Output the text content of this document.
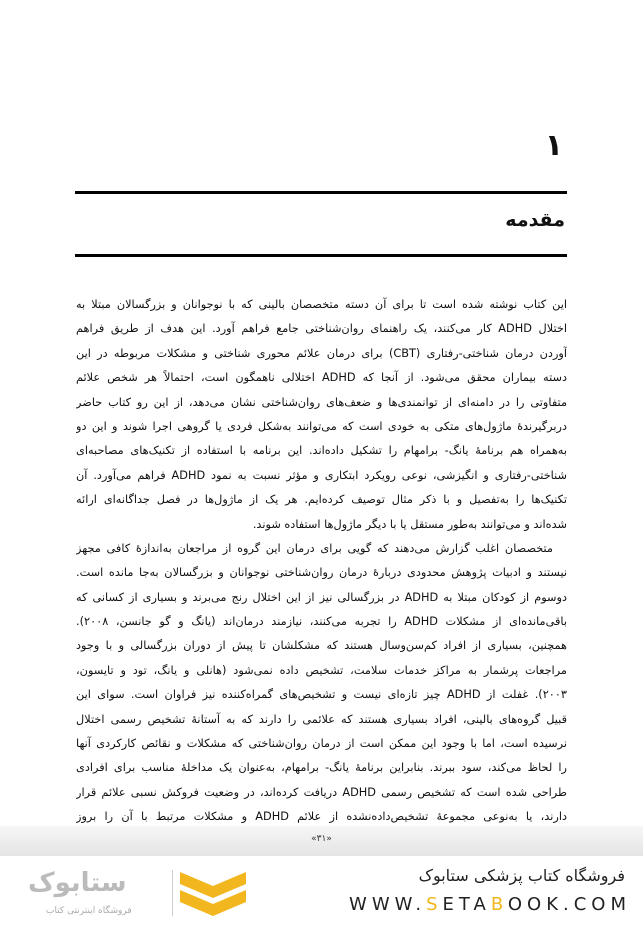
۱
مقدمه
این کتاب نوشته شده است تا برای آن دسته متخصصان بالینی که با نوجوانان و بزرگسالان مبتلا به
اختلال ADHD کار می‌کنند، یک راهنمای روان‌شناختی جامع فراهم آورد. این هدف از طریق فراهم
آوردن درمان شناختی-رفتاری (CBT) برای درمان علائم محوری شناختی و مشکلات مربوطه در این
دسته بیماران محقق می‌شود. از آنجا که ADHD اختلالی ناهمگون است، احتمالاً هر شخص علائم
متفاوتی را در دامنه‌ای از توانمندی‌ها و ضعف‌های روان‌شناختی نشان می‌دهد، از این رو کتاب حاضر
دربرگیرندهٔ ماژول‌های متکی به خودی است که می‌توانند به‌شکل فردی یا گروهی اجرا شوند و این دو
به‌همراه هم برنامهٔ یانگ- برامهام را تشکیل داده‌اند. این برنامه با استفاده از تکنیک‌های مصاحبه‌ای
شناختی-رفتاری و انگیزشی، نوعی رویکرد ابتکاری و مؤثر نسبت به نمود ADHD فراهم می‌آورد. آن
تکنیک‌ها را به‌تفصیل و با ذکر مثال توصیف کرده‌ایم. هر یک از ماژول‌ها در فصل جداگانه‌ای ارائه
شده‌اند و می‌توانند به‌طور مستقل یا با دیگر ماژول‌ها استفاده شوند.
متخصصان اغلب گزارش می‌دهند که گویی برای درمان این گروه از مراجعان به‌اندازهٔ کافی مجهز
نیستند و ادبیات پژوهش محدودی دربارهٔ درمان روان‌شناختی نوجوانان و بزرگسالان به‌جا مانده است.
دوسوم از کودکان مبتلا به ADHD در بزرگسالی نیز از این اختلال رنج می‌برند و بسیاری از کسانی که
باقی‌مانده‌ای از مشکلات ADHD را تجربه می‌کنند، نیازمند درمان‌اند (یانگ و گو جانسن، ۲۰۰۸).
همچنین، بسیاری از افراد کم‌سن‌وسال هستند که مشکلشان تا پیش از دوران بزرگسالی و با وجود
مراجعات پرشمار به مراکز خدمات سلامت، تشخیص داده نمی‌شود (هانلی و یانگ، تود و تایسون،
۲۰۰۳). غفلت از ADHD چیز تازه‌ای نیست و تشخیص‌های گمراه‌کننده نیز فراوان است. سوای این
قبیل گروه‌های بالینی، افراد بسیاری هستند که علائمی را دارند که به آستانهٔ تشخیص رسمی اختلال
نرسیده است، اما با وجود این ممکن است از درمان روان‌شناختی که مشکلات و نقائص کارکردی آنها
را لحاظ می‌کند، سود ببرند. بنابراین برنامهٔ یانگ- برامهام، به‌عنوان یک مداخلهٔ مناسب برای افرادی
طراحی شده است که تشخیص رسمی ADHD دریافت کرده‌اند، در وضعیت فروکش نسبی علائم قرار
دارند، یا به‌نوعی مجموعهٔ تشخیص‌داده‌نشده از علائم ADHD و مشکلات مرتبط با آن را بروز
«۳۱»
فروشگاه کتاب پزشکی ستابوک
WWW.SETABOOK.COM
ستابوک
فروشگاه اینترنتی کتاب
